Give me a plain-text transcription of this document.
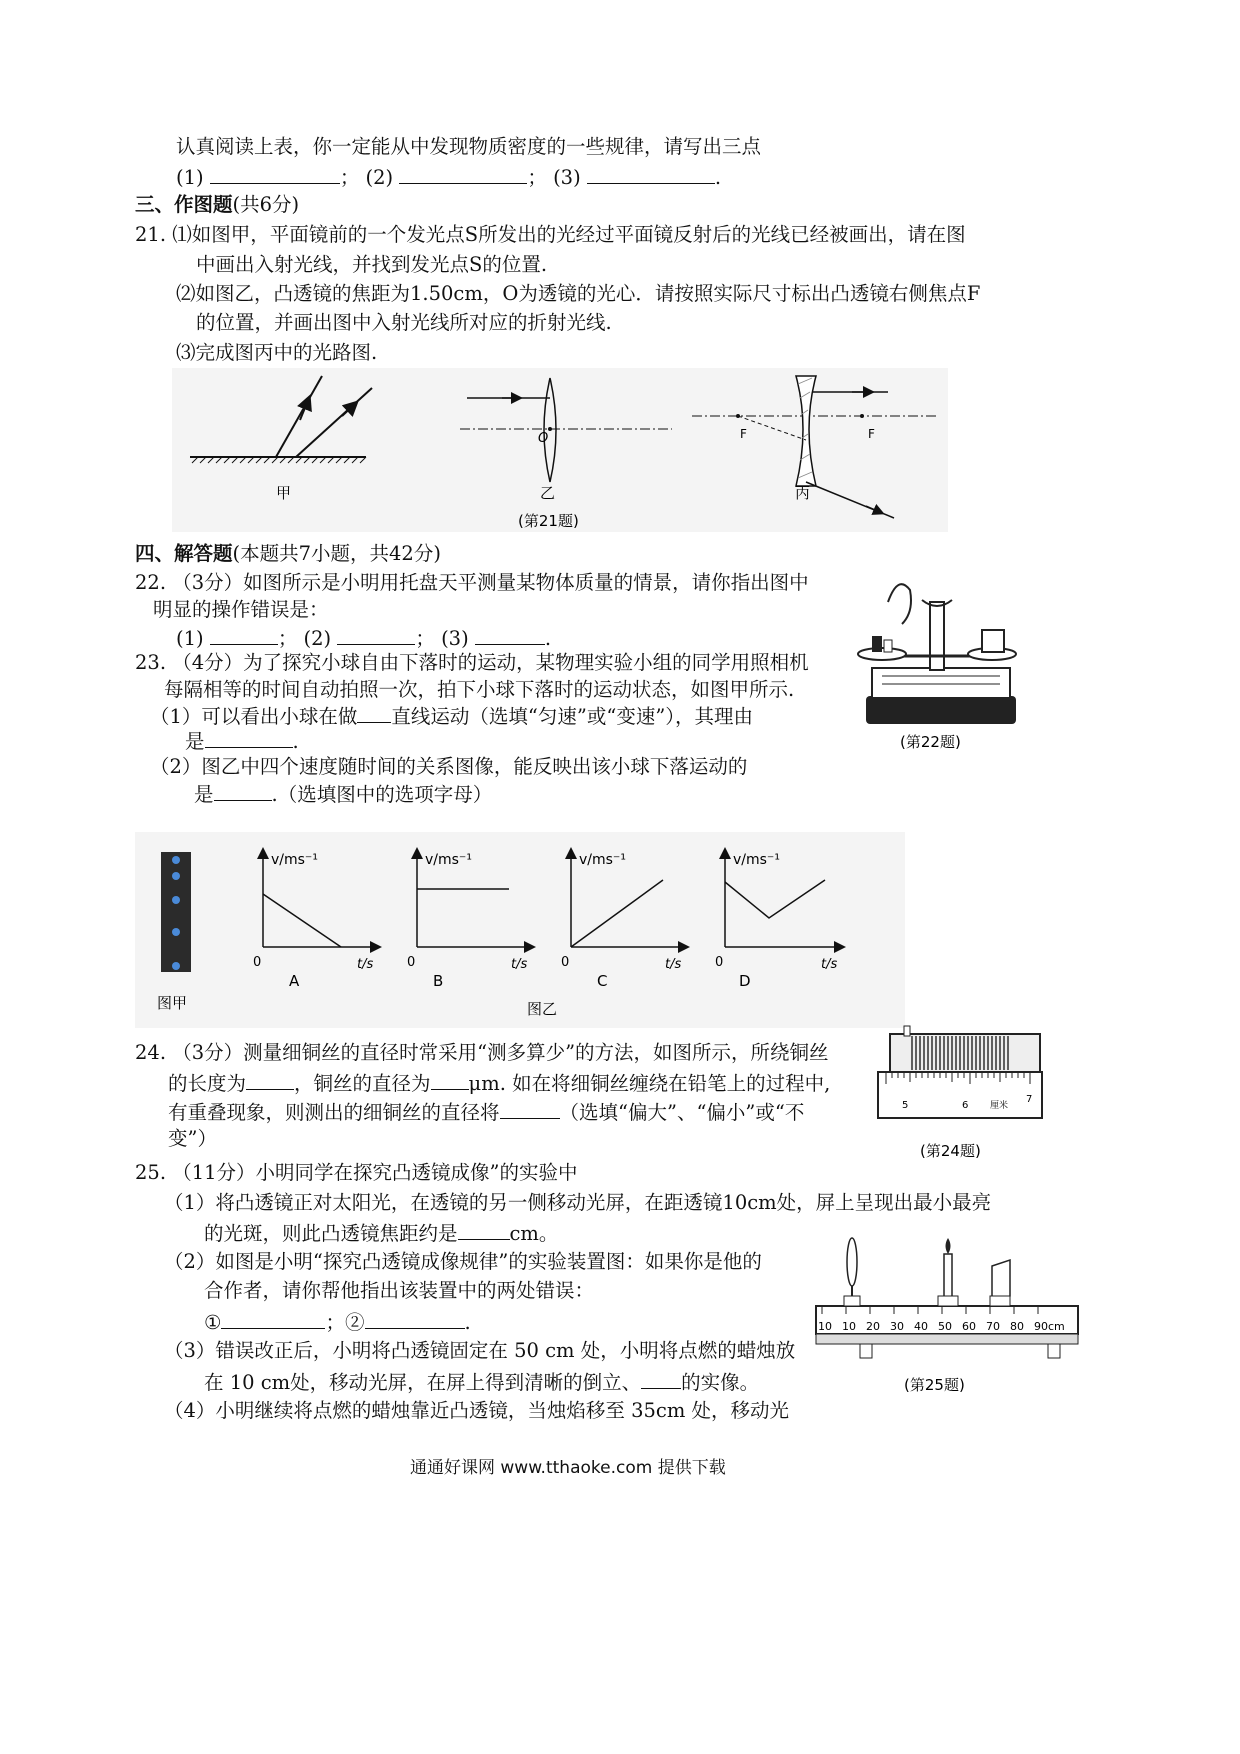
认真阅读上表，你一定能从中发现物质密度的一些规律，请写出三点
(1)	； (2)	； (3)	.
三、作图题(共6分)
21. ⑴如图甲，平面镜前的一个发光点S所发出的光经过平面镜反射后的光线已经被画出，请在图
中画出入射光线，并找到发光点S的位置.
⑵如图乙，凸透镜的焦距为1.50cm，O为透镜的光心．请按照实际尺寸标出凸透镜右侧焦点F
的位置，并画出图中入射光线所对应的折射光线.
⑶完成图丙中的光路图.
甲
O
乙
F	F
丙
(第21题)
四、解答题(本题共7小题，共42分)
22. （3分）如图所示是小明用托盘天平测量某物体质量的情景，请你指出图中
明显的操作错误是：
(1)	； (2)	； (3)	.
(第22题)
23. （4分）为了探究小球自由下落时的运动，某物理实验小组的同学用照相机
每隔相等的时间自动拍照一次，拍下小球下落时的运动状态，如图甲所示.
（1）可以看出小球在做 直线运动（选填“匀速”或“变速”），其理由
是	.
（2）图乙中四个速度随时间的关系图像，能反映出该小球下落运动的
是	.（选填图中的选项字母）
图甲
v/ms⁻¹
t/s
0
A
v/ms⁻¹
t/s
0
B
v/ms⁻¹
t/s
0
C
v/ms⁻¹
t/s
0
D
图乙
24. （3分）测量细铜丝的直径时常采用“测多算少”的方法，如图所示，所绕铜丝
的长度为 ，铜丝的直径为 μm. 如在将细铜丝缠绕在铅笔上的过程中,
有重叠现象，则测出的细铜丝的直径将	（选填“偏大”、“偏小”或“不
变”）
5	6 厘米
7
(第24题)
25. （11分）小明同学在探究凸透镜成像”的实验中
（1）将凸透镜正对太阳光，在透镜的另一侧移动光屏，在距透镜10cm处，屏上呈现出最小最亮
的光斑，则此凸透镜焦距约是	cm。
（2）如图是小明“探究凸透镜成像规律”的实验装置图：如果你是他的
合作者，请你帮他指出该装置中的两处错误：
①	；②	.
（3）错误改正后，小明将凸透镜固定在 50 cm 处，小明将点燃的蜡烛放
在 10 cm处，移动光屏，在屏上得到清晰的倒立、 的实像。
（4）小明继续将点燃的蜡烛靠近凸透镜，当烛焰移至 35cm 处，移动光
10 10 20 30 40 50 60 70 80 90cm
(第25题)
通通好课网 www.tthaoke.com 提供下载
